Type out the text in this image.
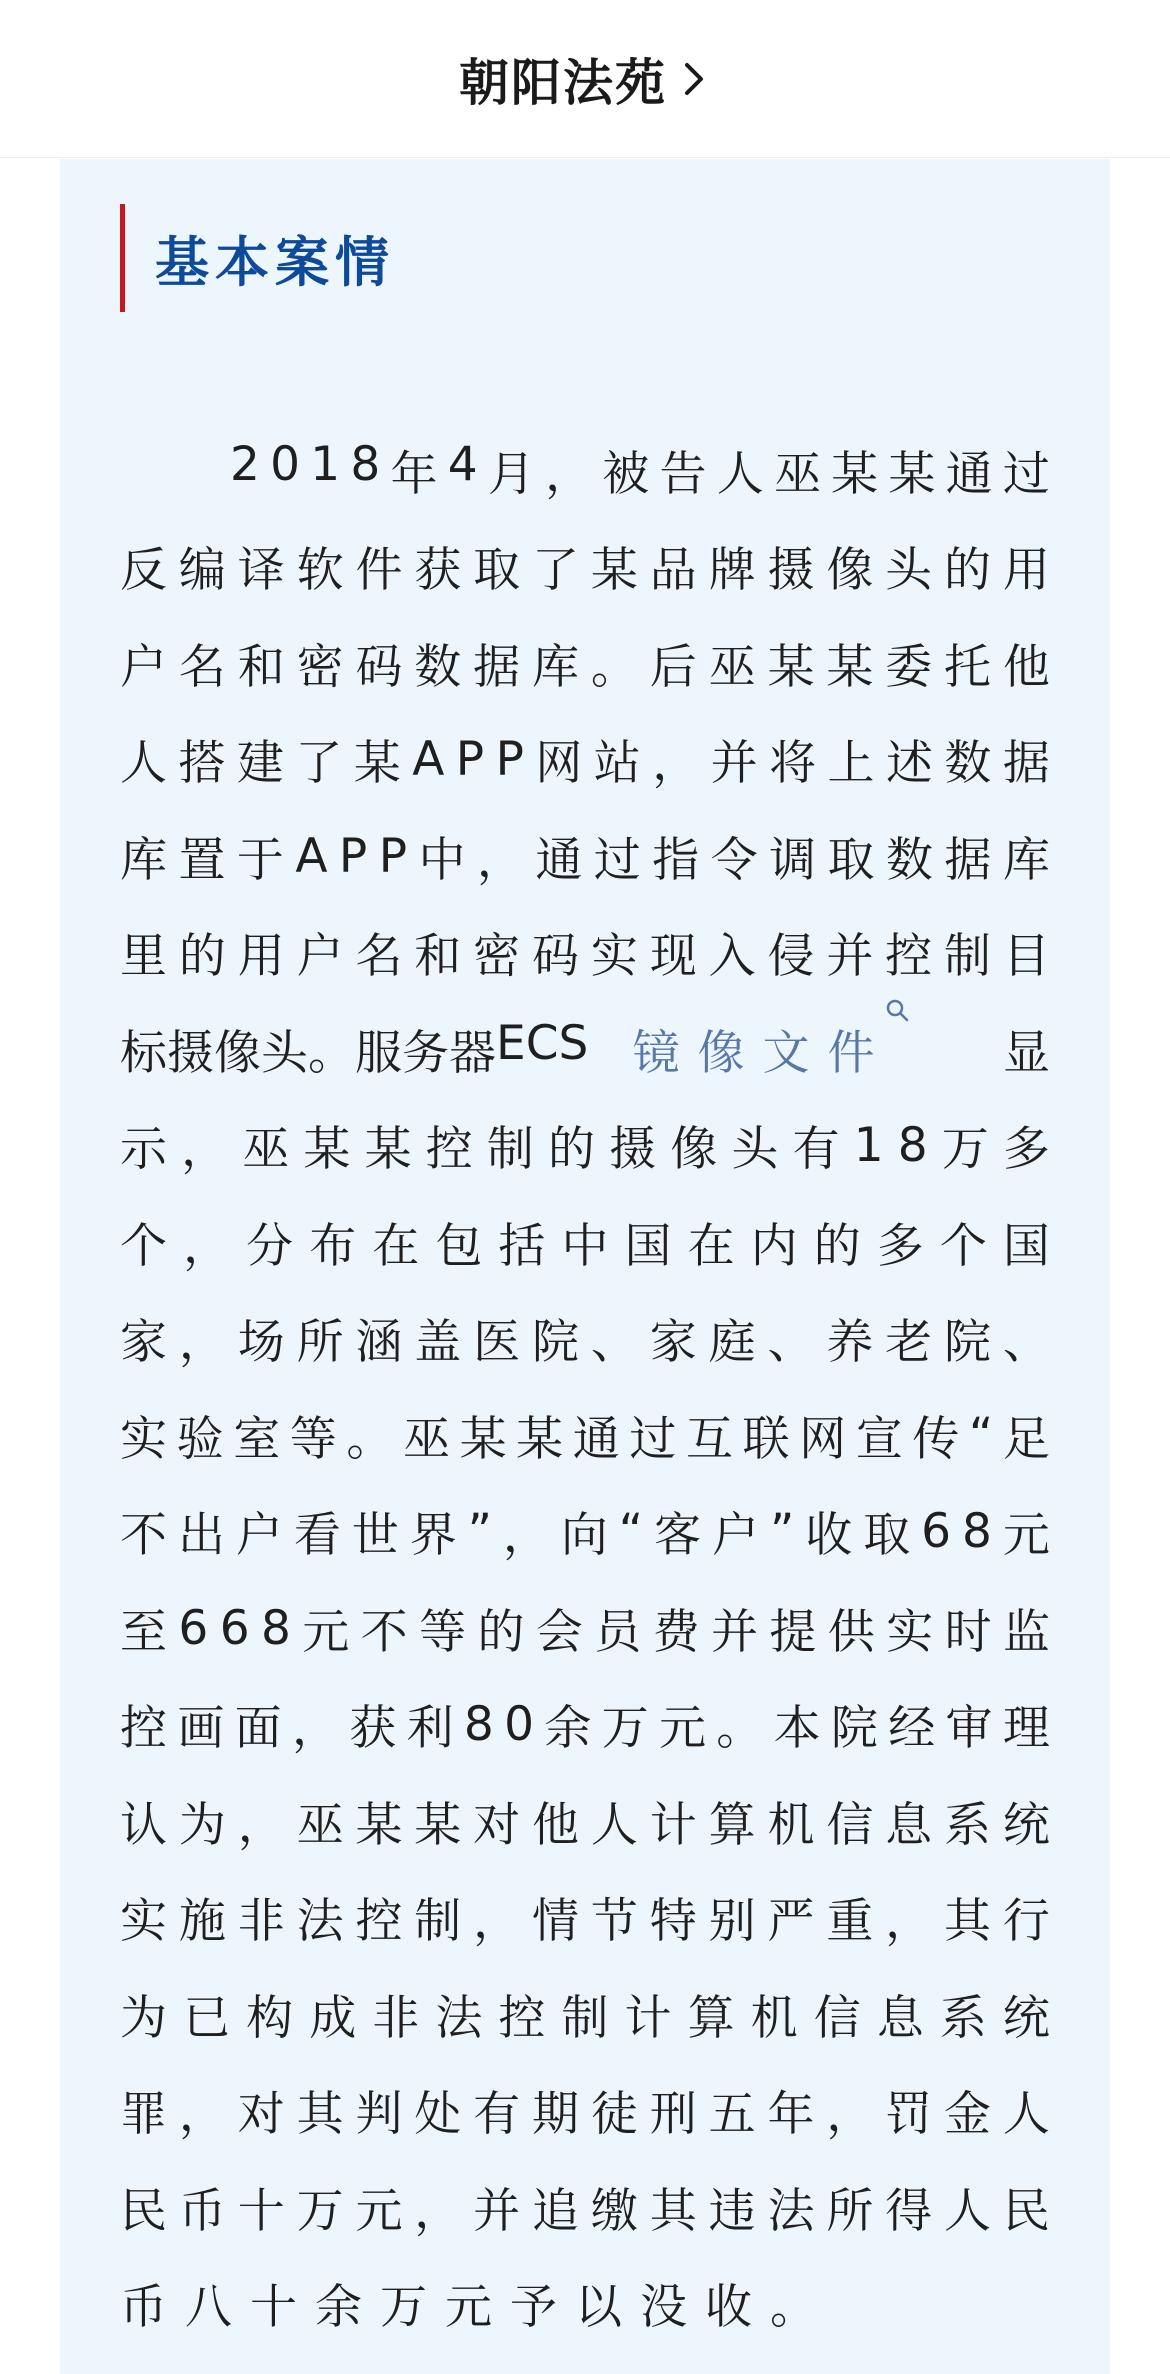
朝阳法苑
基本案情
2 0 1 8 年 4 月 ， 被 告 人 巫 某 某 通 过
反 编 译 软 件 获 取 了 某 品 牌 摄 像 头 的 用
户 名 和 密 码 数 据 库 。 后 巫 某 某 委 托 他
人 搭 建 了 某 A P P 网 站 ， 并 将 上 述 数 据
库 置 于 A P P 中 ， 通 过 指 令 调 取 数 据 库
里 的 用 户 名 和 密 码 实 现 入 侵 并 控 制 目
标 摄 像 头 。 服 务 器 E C S 镜像文件 显
示 ， 巫 某 某 控 制 的 摄 像 头 有 1 8 万 多
个 ， 分 布 在 包 括 中 国 在 内 的 多 个 国
家 ， 场 所 涵 盖 医 院 、 家 庭 、 养 老 院 、
实 验 室 等 。 巫 某 某 通 过 互 联 网 宣 传 “ 足
不 出 户 看 世 界 ” ， 向 “ 客 户 ” 收 取 6 8 元
至 6 6 8 元 不 等 的 会 员 费 并 提 供 实 时 监
控 画 面 ， 获 利 8 0 余 万 元 。 本 院 经 审 理
认 为 ， 巫 某 某 对 他 人 计 算 机 信 息 系 统
实 施 非 法 控 制 ， 情 节 特 别 严 重 ， 其 行
为 已 构 成 非 法 控 制 计 算 机 信 息 系 统
罪 ， 对 其 判 处 有 期 徒 刑 五 年 ， 罚 金 人
民 币 十 万 元 ， 并 追 缴 其 违 法 所 得 人 民
币八十余万元予以没收。
